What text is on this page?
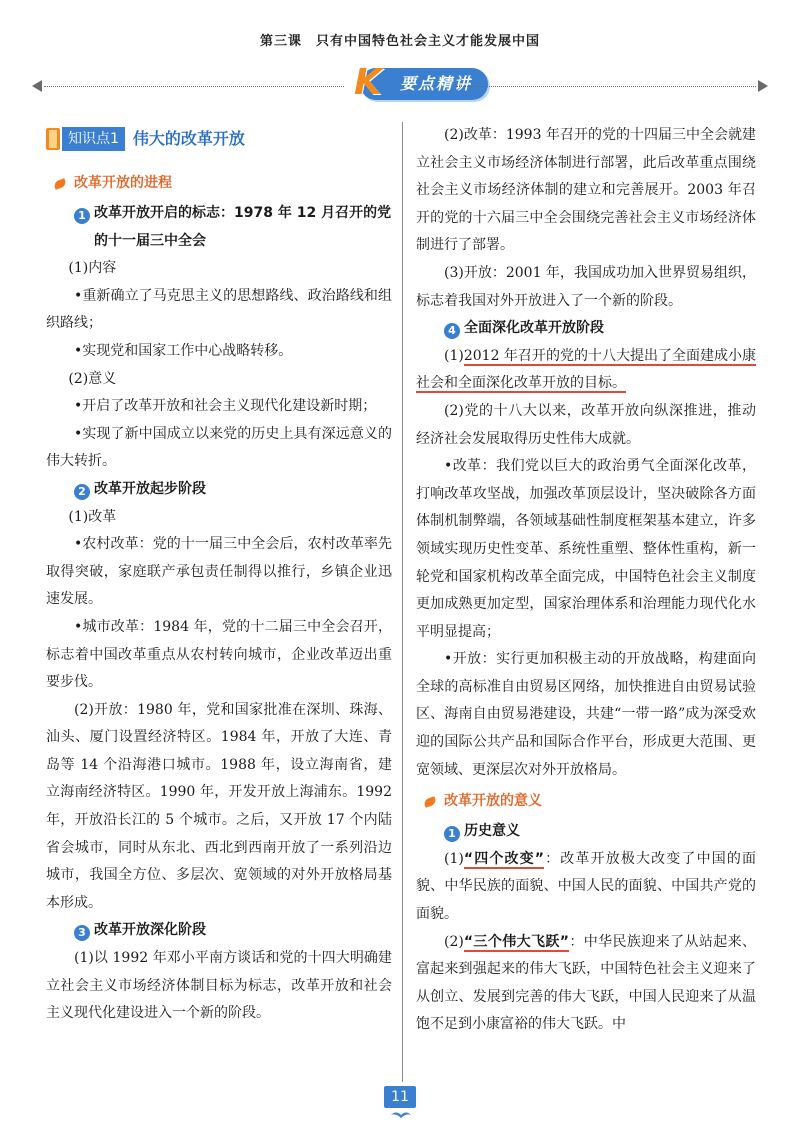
第三课　只有中国特色社会主义才能发展中国
K	要点精讲
知识点1 伟大的改革开放
改革开放的进程
1 改革开放开启的标志：1978 年 12 月召开的党的十一届三中全会

(1)内容

•重新确立了马克思主义的思想路线、政治路线和组织路线；

•实现党和国家工作中心战略转移。

(2)意义

•开启了改革开放和社会主义现代化建设新时期；

•实现了新中国成立以来党的历史上具有深远意义的伟大转折。

2 改革开放起步阶段

(1)改革

•农村改革：党的十一届三中全会后，农村改革率先取得突破，家庭联产承包责任制得以推行，乡镇企业迅速发展。

•城市改革：1984 年，党的十二届三中全会召开，标志着中国改革重点从农村转向城市，企业改革迈出重要步伐。

(2)开放：1980 年，党和国家批准在深圳、珠海、汕头、厦门设置经济特区。1984 年，开放了大连、青岛等 14 个沿海港口城市。1988 年，设立海南省，建立海南经济特区。1990 年，开发开放上海浦东。1992 年，开放沿长江的 5 个城市。之后，又开放 17 个内陆省会城市，同时从东北、西北到西南开放了一系列沿边城市，我国全方位、多层次、宽领域的对外开放格局基本形成。

3 改革开放深化阶段

(1)以 1992 年邓小平南方谈话和党的十四大明确建立社会主义市场经济体制目标为标志，改革开放和社会主义现代化建设进入一个新的阶段。

(2)改革：1993 年召开的党的十四届三中全会就建立社会主义市场经济体制进行部署，此后改革重点围绕社会主义市场经济体制的建立和完善展开。2003 年召开的党的十六届三中全会围绕完善社会主义市场经济体制进行了部署。

(3)开放：2001 年，我国成功加入世界贸易组织，标志着我国对外开放进入了一个新的阶段。

4 全面深化改革开放阶段

(1)2012 年召开的党的十八大提出了全面建成小康社会和全面深化改革开放的目标。

(2)党的十八大以来，改革开放向纵深推进，推动经济社会发展取得历史性伟大成就。

•改革：我们党以巨大的政治勇气全面深化改革，打响改革攻坚战，加强改革顶层设计，坚决破除各方面体制机制弊端，各领域基础性制度框架基本建立，许多领域实现历史性变革、系统性重塑、整体性重构，新一轮党和国家机构改革全面完成，中国特色社会主义制度更加成熟更加定型，国家治理体系和治理能力现代化水平明显提高；

•开放：实行更加积极主动的开放战略，构建面向全球的高标准自由贸易区网络，加快推进自由贸易试验区、海南自由贸易港建设，共建“一带一路”成为深受欢迎的国际公共产品和国际合作平台，形成更大范围、更宽领域、更深层次对外开放格局。

改革开放的意义
1 历史意义

(1)“四个改变”：改革开放极大改变了中国的面貌、中华民族的面貌、中国人民的面貌、中国共产党的面貌。

(2)“三个伟大飞跃”：中华民族迎来了从站起来、富起来到强起来的伟大飞跃，中国特色社会主义迎来了从创立、发展到完善的伟大飞跃，中国人民迎来了从温饱不足到小康富裕的伟大飞跃。中

11
